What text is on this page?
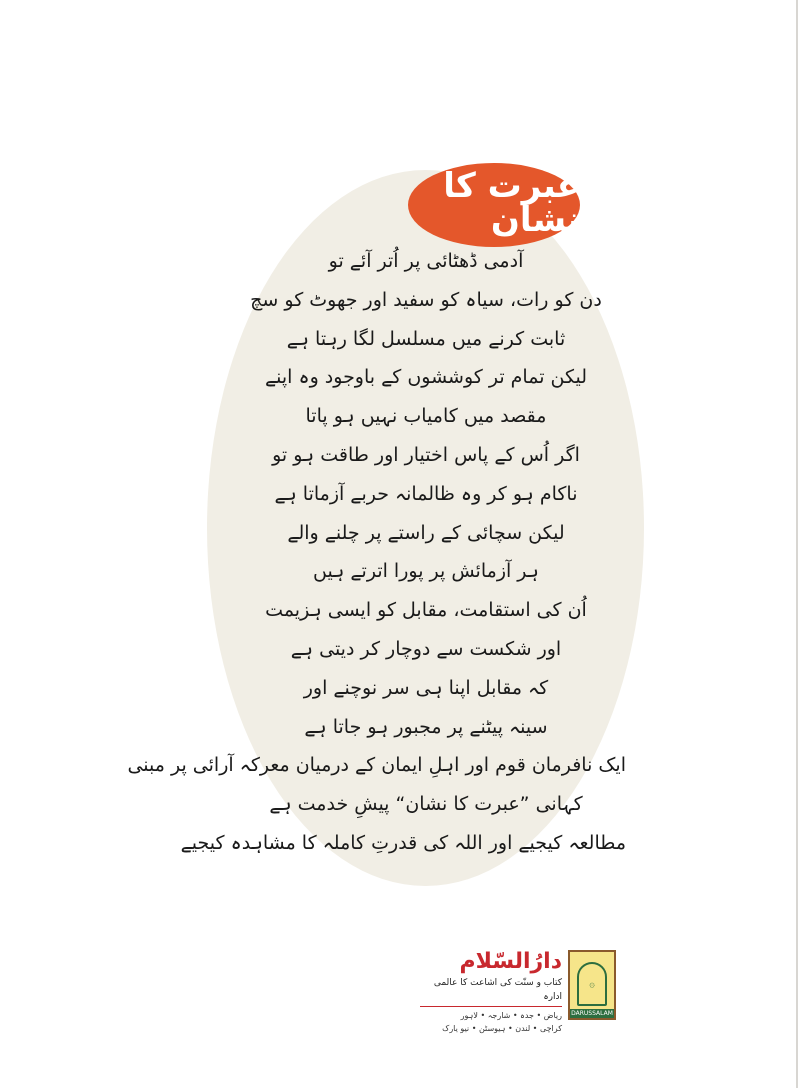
عبرت کا نشان
آدمی ڈھٹائی پر اُتر آئے تو
دن کو رات، سیاہ کو سفید اور جھوٹ کو سچ
ثابت کرنے میں مسلسل لگا رہتا ہے
لیکن تمام تر کوششوں کے باوجود وہ اپنے
مقصد میں کامیاب نہیں ہو پاتا
اگر اُس کے پاس اختیار اور طاقت ہو تو
ناکام ہو کر وہ ظالمانہ حربے آزماتا ہے
لیکن سچائی کے راستے پر چلنے والے
ہر آزمائش پر پورا اترتے ہیں
اُن کی استقامت، مقابل کو ایسی ہزیمت
اور شکست سے دوچار کر دیتی ہے
کہ مقابل اپنا ہی سر نوچنے اور
سینہ پیٹنے پر مجبور ہو جاتا ہے
ایک نافرمان قوم اور اہلِ ایمان کے درمیان معرکہ آرائی پر مبنی
کہانی ”عبرت کا نشان“ پیشِ خدمت ہے
مطالعہ کیجیے اور اللہ کی قدرتِ کاملہ کا مشاہدہ کیجیے
دارُالسّلام
کتاب و سنّت کی اشاعت کا عالمی ادارہ
ریاض • جدہ • شارجہ • لاہور
کراچی • لندن • ہیوسٹن • نیو یارک
۞
DARUSSALAM
